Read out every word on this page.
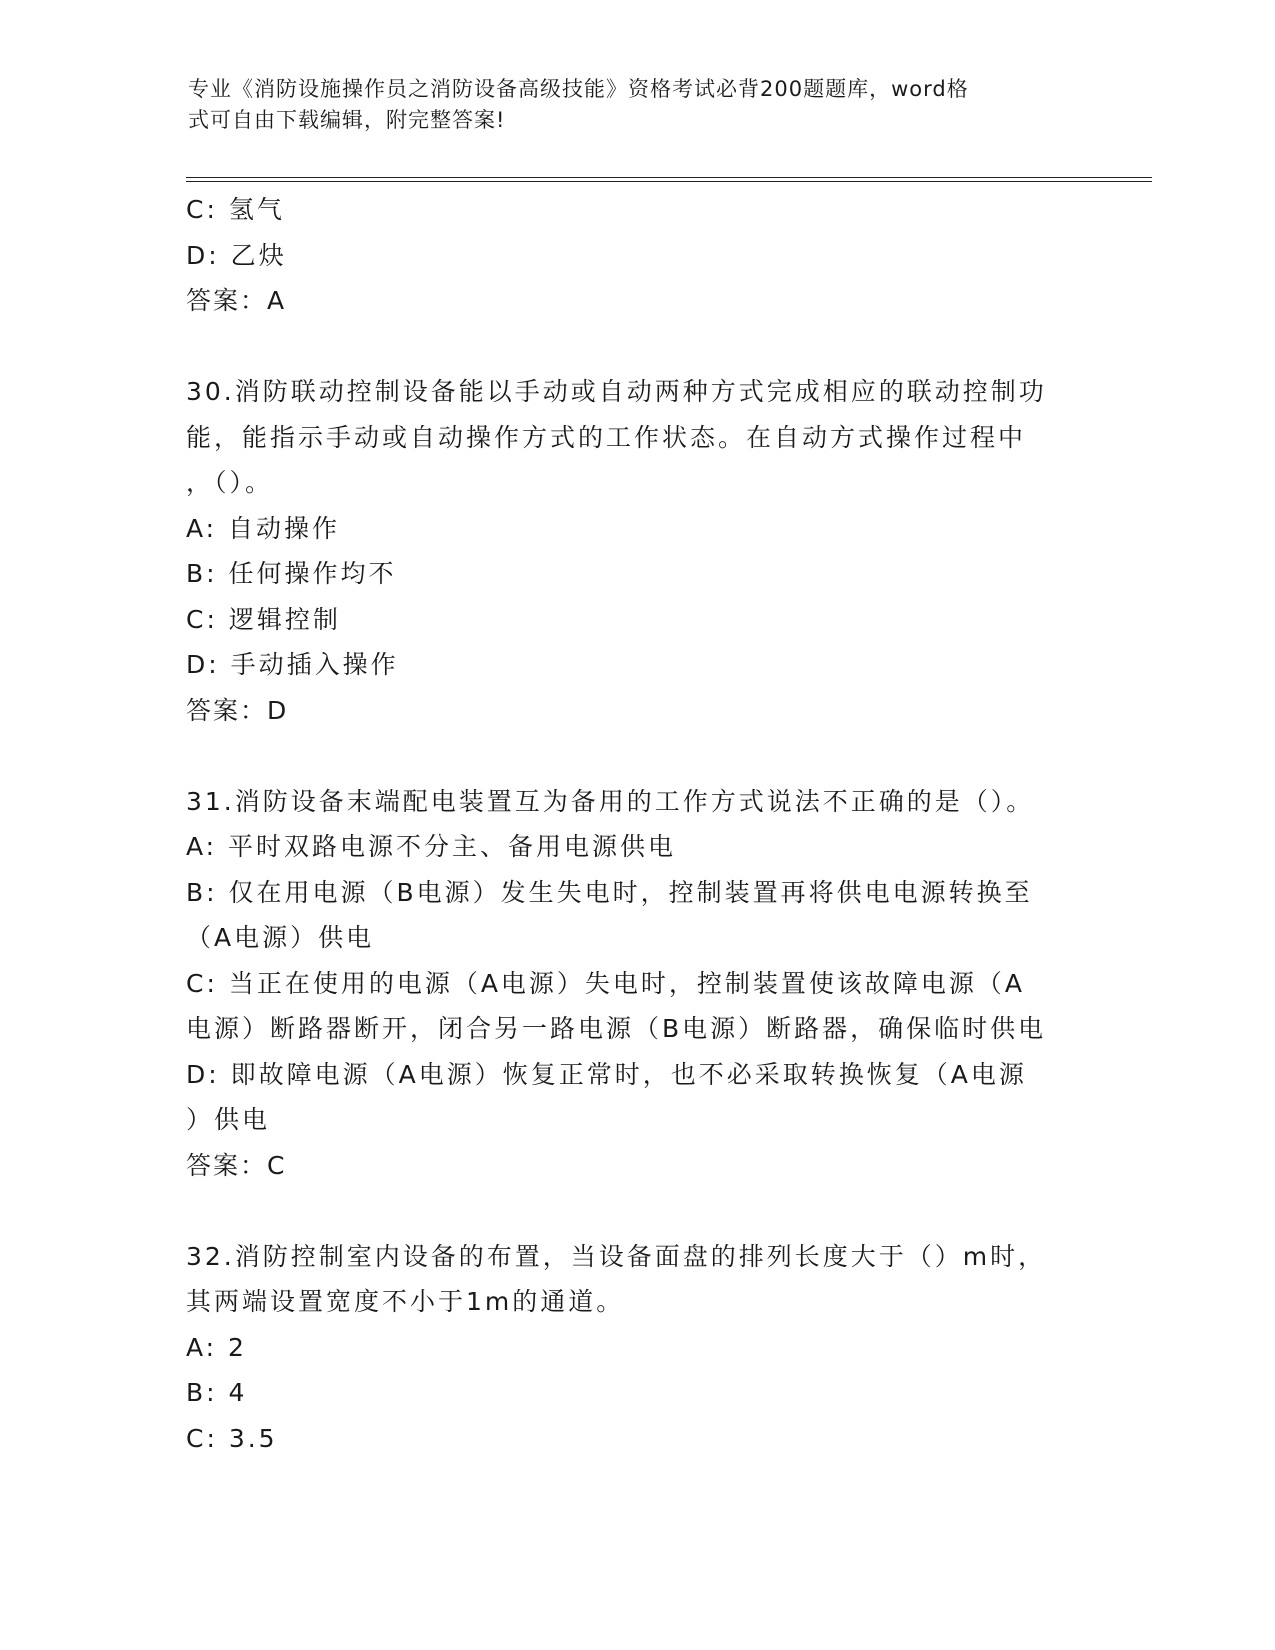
专业《消防设施操作员之消防设备高级技能》资格考试必背200题题库，word格
式可自由下载编辑，附完整答案!
C: 氢气
D: 乙炔
答案：A
30.消防联动控制设备能以手动或自动两种方式完成相应的联动控制功
能，能指示手动或自动操作方式的工作状态。在自动方式操作过程中
，（）。
A: 自动操作
B: 任何操作均不
C: 逻辑控制
D: 手动插入操作
答案：D
31.消防设备末端配电装置互为备用的工作方式说法不正确的是（）。
A: 平时双路电源不分主、备用电源供电
B: 仅在用电源（B电源）发生失电时，控制装置再将供电电源转换至
（A电源）供电
C: 当正在使用的电源（A电源）失电时，控制装置使该故障电源（A
电源）断路器断开，闭合另一路电源（B电源）断路器，确保临时供电
D: 即故障电源（A电源）恢复正常时，也不必采取转换恢复（A电源
）供电
答案：C
32.消防控制室内设备的布置，当设备面盘的排列长度大于（）m时，
其两端设置宽度不小于1m的通道。
A: 2
B: 4
C: 3.5
